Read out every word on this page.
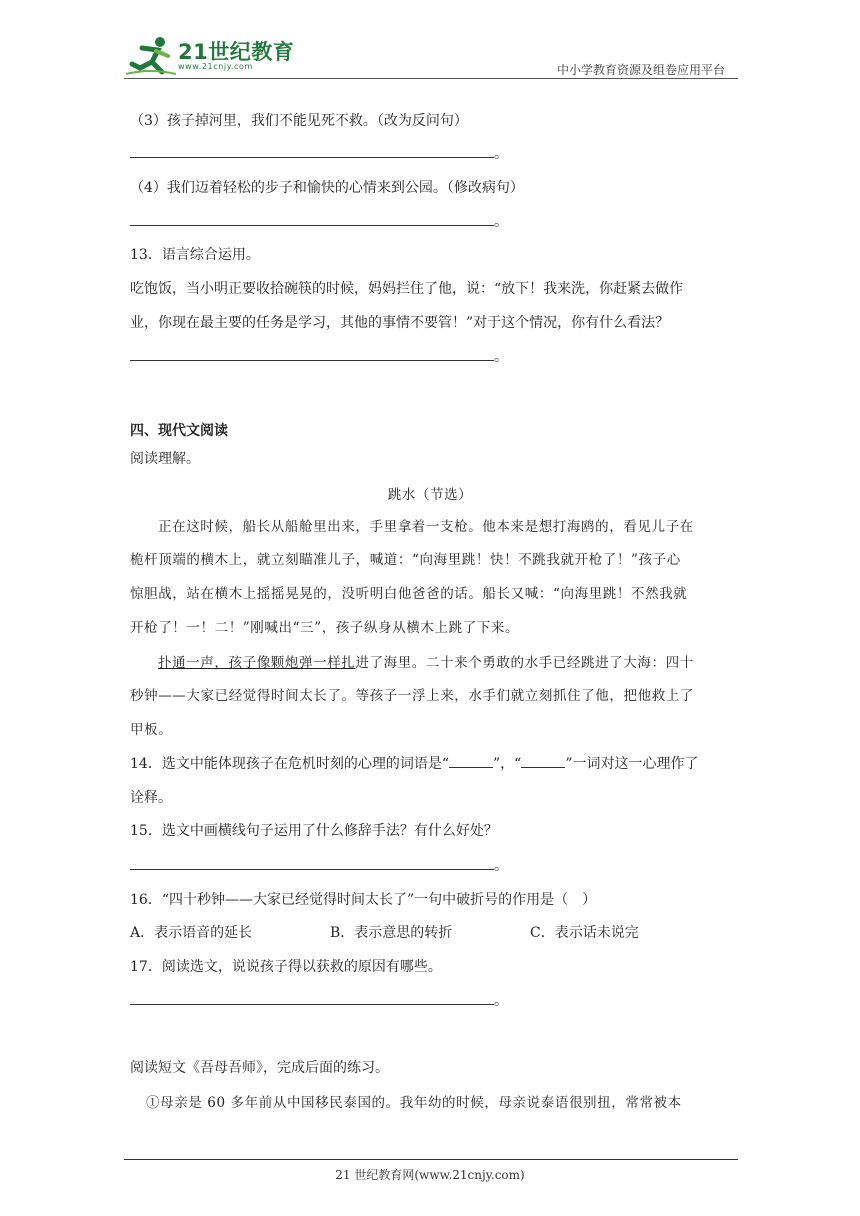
21世纪教育
www.21cnjy.com	中小学教育资源及组卷应用平台
（3）孩子掉河里，我们不能见死不救。（改为反问句）
。
（4）我们迈着轻松的步子和愉快的心情来到公园。（修改病句）
。
13．语言综合运用。
吃饱饭，当小明正要收拾碗筷的时候，妈妈拦住了他，说：“放下！我来洗，你赶紧去做作
业，你现在最主要的任务是学习，其他的事情不要管！”对于这个情况，你有什么看法？
。
四、现代文阅读
阅读理解。
跳水（节选）
正在这时候，船长从船舱里出来，手里拿着一支枪。他本来是想打海鸥的，看见儿子在
桅杆顶端的横木上，就立刻瞄准儿子，喊道：“向海里跳！快！不跳我就开枪了！”孩子心
惊胆战，站在横木上摇摇晃晃的，没听明白他爸爸的话。船长又喊：“向海里跳！不然我就
开枪了！一！二！”刚喊出“三”，孩子纵身从横木上跳了下来。
扑通一声，孩子像颗炮弹一样扎进了海里。二十来个勇敢的水手已经跳进了大海：四十
秒钟——大家已经觉得时间太长了。等孩子一浮上来，水手们就立刻抓住了他，把他救上了
甲板。
14．选文中能体现孩子在危机时刻的心理的词语是“	”，“	”一词对这一心理作了
诠释。
15．选文中画横线句子运用了什么修辞手法？有什么好处？
。
16．“四十秒钟——大家已经觉得时间太长了”一句中破折号的作用是（　）
A．表示语音的延长	B．表示意思的转折	C．表示话未说完
17．阅读选文，说说孩子得以获救的原因有哪些。
。
阅读短文《吾母吾师》，完成后面的练习。
①母亲是 60 多年前从中国移民泰国的。我年幼的时候，母亲说泰语很别扭，常常被本
21 世纪教育网(www.21cnjy.com)
